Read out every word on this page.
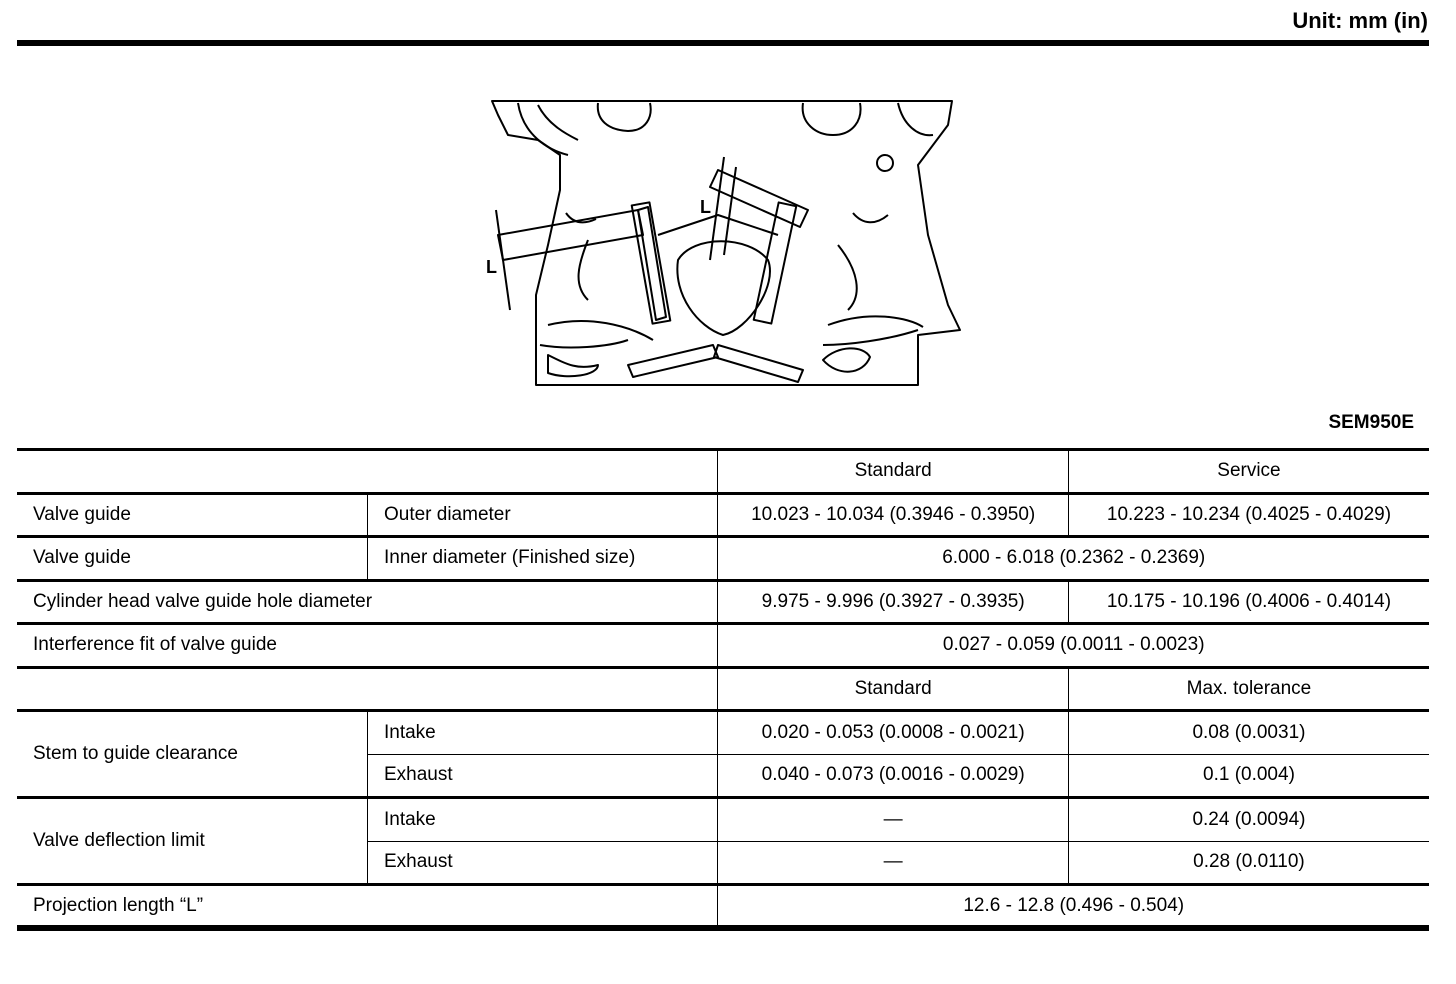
Unit: mm (in)
L
L
SEM950E
		Standard	Service
Valve guide	Outer diameter	10.023 - 10.034 (0.3946 - 0.3950)	10.223 - 10.234 (0.4025 - 0.4029)
Valve guide	Inner diameter (Finished size)	6.000 - 6.018 (0.2362 - 0.2369)	
Cylinder head valve guide hole diameter		9.975 - 9.996 (0.3927 - 0.3935)	10.175 - 10.196 (0.4006 - 0.4014)
Interference fit of valve guide		0.027 - 0.059 (0.0011 - 0.0023)	
		Standard	Max. tolerance
Stem to guide clearance	Intake	0.020 - 0.053 (0.0008 - 0.0021)	0.08 (0.0031)
	Exhaust	0.040 - 0.073 (0.0016 - 0.0029)	0.1 (0.004)
Valve deflection limit	Intake	—	0.24 (0.0094)
	Exhaust	—	0.28 (0.0110)
Projection length “L”		12.6 - 12.8 (0.496 - 0.504)	
